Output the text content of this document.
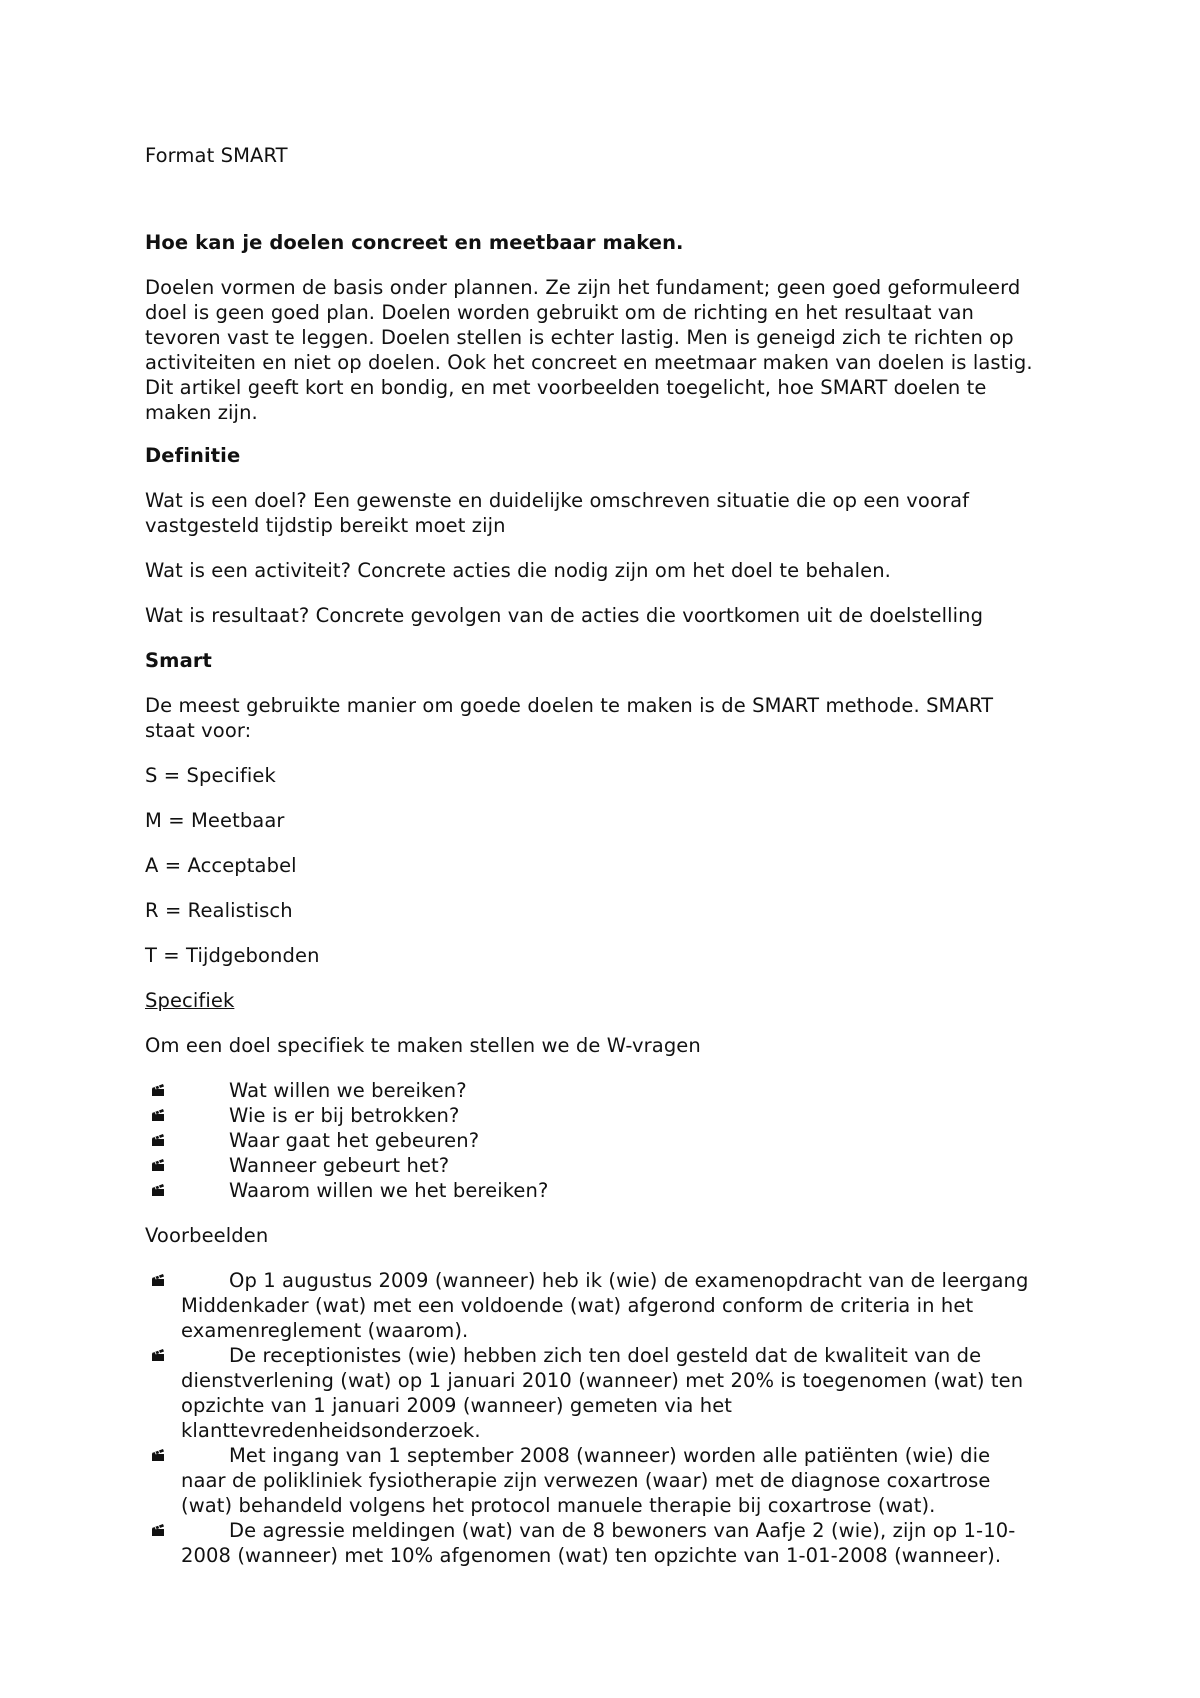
Format SMART

Hoe kan je doelen concreet en meetbaar maken.

Doelen vormen de basis onder plannen. Ze zijn het fundament; geen goed geformuleerd
doel is geen goed plan. Doelen worden gebruikt om de richting en het resultaat van
tevoren vast te leggen. Doelen stellen is echter lastig. Men is geneigd zich te richten op
activiteiten en niet op doelen. Ook het concreet en meetmaar maken van doelen is lastig.
Dit artikel geeft kort en bondig, en met voorbeelden toegelicht, hoe SMART doelen te
maken zijn.

Definitie

Wat is een doel? Een gewenste en duidelijke omschreven situatie die op een vooraf
vastgesteld tijdstip bereikt moet zijn

Wat is een activiteit? Concrete acties die nodig zijn om het doel te behalen.

Wat is resultaat? Concrete gevolgen van de acties die voortkomen uit de doelstelling

Smart

De meest gebruikte manier om goede doelen te maken is de SMART methode. SMART
staat voor:

S = Specifiek

M = Meetbaar

A = Acceptabel

R = Realistisch

T = Tijdgebonden

Specifiek

Om een doel specifiek te maken stellen we de W-vragen

Wat willen we bereiken?
Wie is er bij betrokken?
Waar gaat het gebeuren?
Wanneer gebeurt het?
Waarom willen we het bereiken?

Voorbeelden

Op 1 augustus 2009 (wanneer) heb ik (wie) de examenopdracht van de leergang
Middenkader (wat) met een voldoende (wat) afgerond conform de criteria in het
examenreglement (waarom).
De receptionistes (wie) hebben zich ten doel gesteld dat de kwaliteit van de
dienstverlening (wat) op 1 januari 2010 (wanneer) met 20% is toegenomen (wat) ten
opzichte van 1 januari 2009 (wanneer) gemeten via het
klanttevredenheidsonderzoek.
Met ingang van 1 september 2008 (wanneer) worden alle patiënten (wie) die
naar de polikliniek fysiotherapie zijn verwezen (waar) met de diagnose coxartrose
(wat) behandeld volgens het protocol manuele therapie bij coxartrose (wat).
De agressie meldingen (wat) van de 8 bewoners van Aafje 2 (wie), zijn op 1-10-
2008 (wanneer) met 10% afgenomen (wat) ten opzichte van 1-01-2008 (wanneer).
